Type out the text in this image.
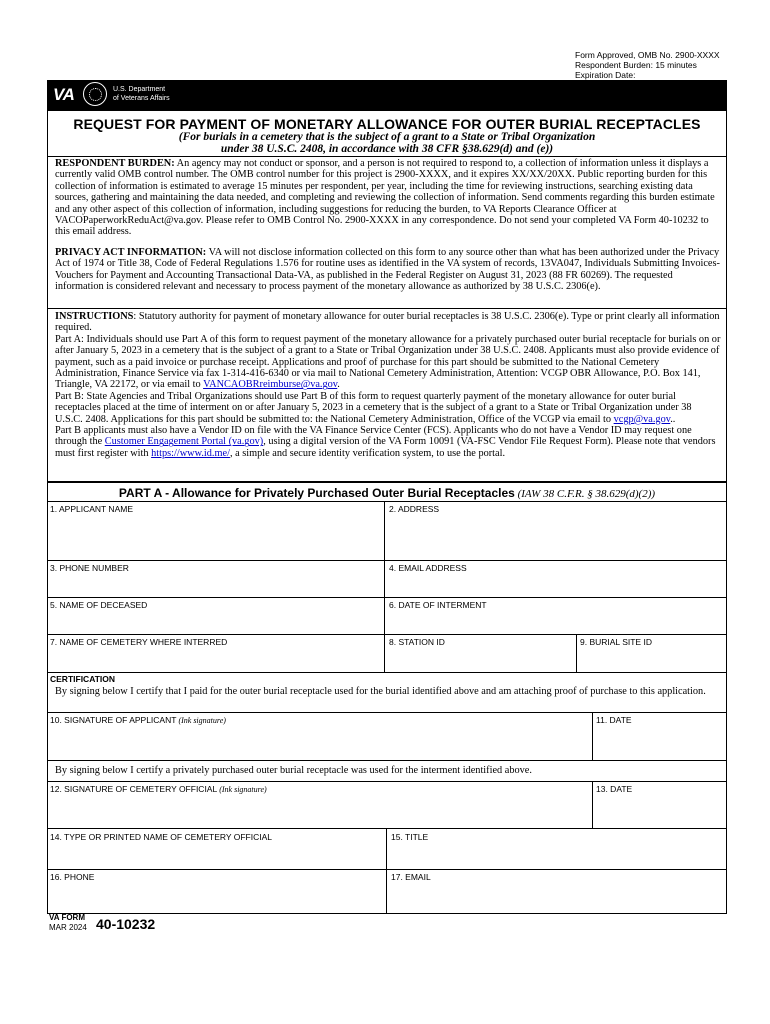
Form Approved, OMB No. 2900-XXXX
Respondent Burden: 15 minutes
Expiration Date:
VA	U.S. Department
of Veterans Affairs
REQUEST FOR PAYMENT OF MONETARY ALLOWANCE FOR OUTER BURIAL RECEPTACLES
(For burials in a cemetery that is the subject of a grant to a State or Tribal Organization
under 38 U.S.C. 2408, in accordance with 38 CFR §38.629(d) and (e))
RESPONDENT BURDEN: An agency may not conduct or sponsor, and a person is not required to respond to, a collection of information unless it displays a currently valid OMB control number. The OMB control number for this project is 2900-XXXX, and it expires XX/XX/20XX. Public reporting burden for this collection of information is estimated to average 15 minutes per respondent, per year, including the time for reviewing instructions, searching existing data sources, gathering and maintaining the data needed, and completing and reviewing the collection of information. Send comments regarding this burden estimate and any other aspect of this collection of information, including suggestions for reducing the burden, to VA Reports Clearance Officer at VACOPaperworkReduAct@va.gov. Please refer to OMB Control No. 2900-XXXX in any correspondence. Do not send your completed VA Form 40-10232 to this email address.
PRIVACY ACT INFORMATION: VA will not disclose information collected on this form to any source other than what has been authorized under the Privacy Act of 1974 or Title 38, Code of Federal Regulations 1.576 for routine uses as identified in the VA system of records, 13VA047, Individuals Submitting Invoices-Vouchers for Payment and Accounting Transactional Data-VA, as published in the Federal Register on August 31, 2023 (88 FR 60269). The requested information is considered relevant and necessary to process payment of the monetary allowance as authorized by 38 U.S.C. 2306(e).
INSTRUCTIONS: Statutory authority for payment of monetary allowance for outer burial receptacles is 38 U.S.C. 2306(e). Type or print clearly all information required.
Part A: Individuals should use Part A of this form to request payment of the monetary allowance for a privately purchased outer burial receptacle for burials on or after January 5, 2023 in a cemetery that is the subject of a grant to a State or Tribal Organization under 38 U.S.C. 2408. Applicants must also provide evidence of payment, such as a paid invoice or purchase receipt. Applications and proof of purchase for this part should be submitted to the National Cemetery Administration, Finance Service via fax 1-314-416-6340 or via mail to National Cemetery Administration, Attention: VCGP OBR Allowance, P.O. Box 141, Triangle, VA 22172, or via email to VANCAOBRreimburse@va.gov.
Part B: State Agencies and Tribal Organizations should use Part B of this form to request quarterly payment of the monetary allowance for outer burial receptacles placed at the time of interment on or after January 5, 2023 in a cemetery that is the subject of a grant to a State or Tribal Organization under 38 U.S.C. 2408. Applications for this part should be submitted to: the National Cemetery Administration, Office of the VCGP via email to vcgp@va.gov..
Part B applicants must also have a Vendor ID on file with the VA Finance Service Center (FCS). Applicants who do not have a Vendor ID may request one through the Customer Engagement Portal (va.gov), using a digital version of the VA Form 10091 (VA-FSC Vendor File Request Form). Please note that vendors must first register with https://www.id.me/, a simple and secure identity verification system, to use the portal.
PART A - Allowance for Privately Purchased Outer Burial Receptacles (IAW 38 C.F.R. § 38.629(d)(2))
1. APPLICANT NAME	2. ADDRESS
3. PHONE NUMBER	4. EMAIL ADDRESS
5. NAME OF DECEASED	6. DATE OF INTERMENT
7. NAME OF CEMETERY WHERE INTERRED	8. STATION ID	9. BURIAL SITE ID
CERTIFICATION
By signing below I certify that I paid for the outer burial receptacle used for the burial identified above and am attaching proof of purchase to this application.
10. SIGNATURE OF APPLICANT (Ink signature)	11. DATE
By signing below I certify a privately purchased outer burial receptacle was used for the interment identified above.
12. SIGNATURE OF CEMETERY OFFICIAL (Ink signature)	13. DATE
14. TYPE OR PRINTED NAME OF CEMETERY OFFICIAL	15. TITLE
16. PHONE	17. EMAIL
VA FORM
MAR 2024 40-10232
